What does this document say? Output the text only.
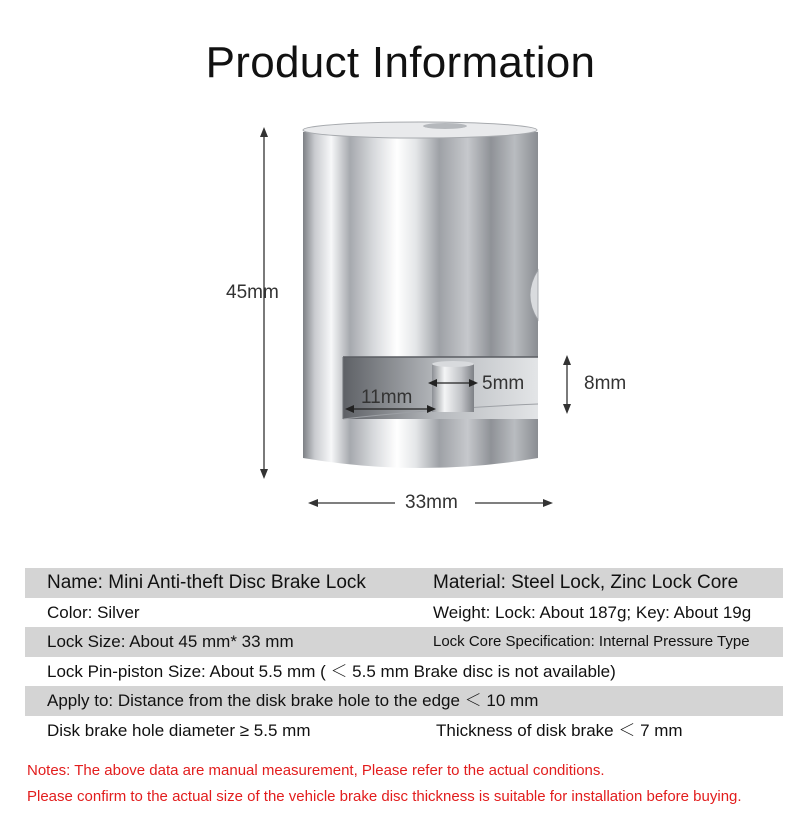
Product Information
45mm
33mm
8mm
5mm
11mm
Name: Mini Anti-theft Disc Brake Lock	Material: Steel Lock, Zinc Lock Core
Color: Silver	Weight: Lock: About 187g; Key: About 19g
Lock Size: About 45 mm* 33 mm	Lock Core Specification: Internal Pressure Type
Lock Pin-piston Size: About 5.5 mm ( ＜ 5.5 mm Brake disc is not available)
Apply to: Distance from the disk brake hole to the edge ＜ 10 mm
Disk brake hole diameter ≥ 5.5 mm	Thickness of disk brake ＜ 7 mm
Notes: The above data are manual measurement, Please refer to the actual conditions.
Please confirm to the actual size of the vehicle brake disc thickness is suitable for installation before buying.
